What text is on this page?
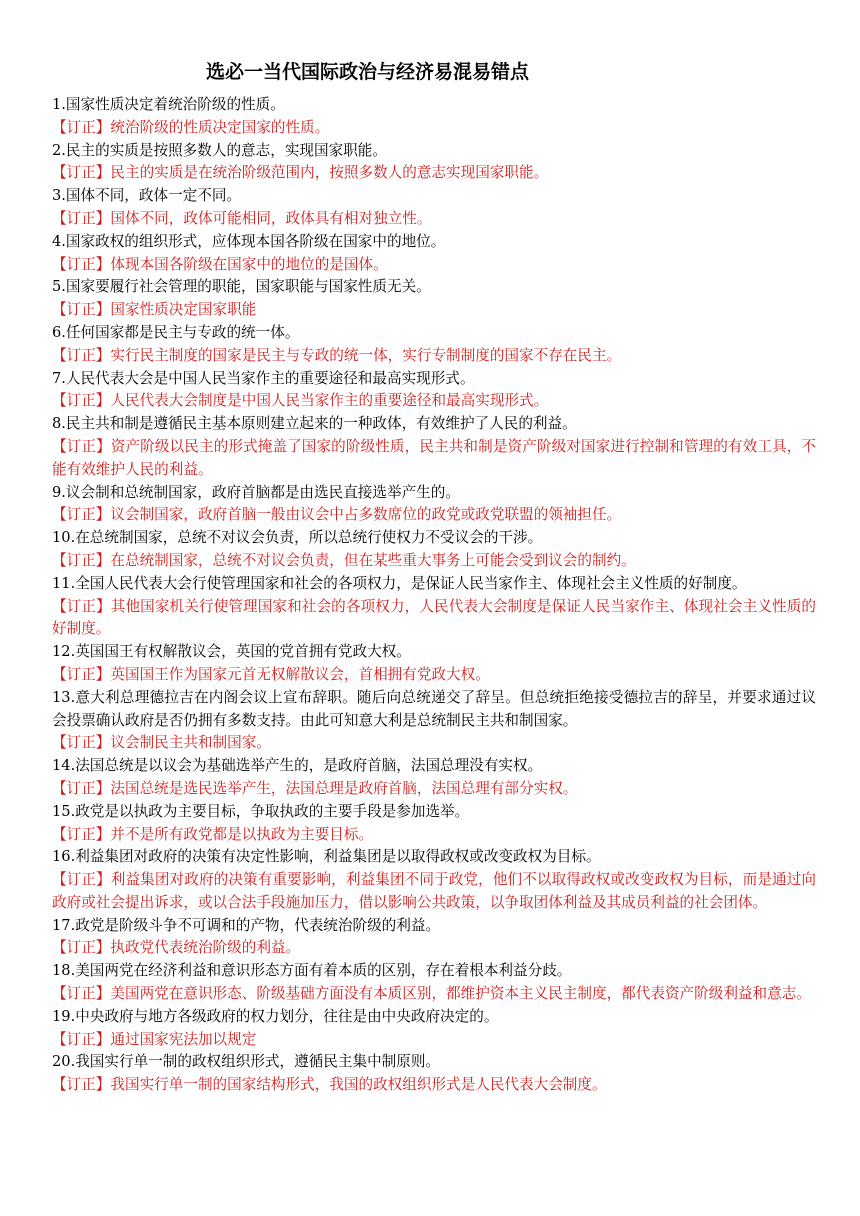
选必一当代国际政治与经济易混易错点

1.国家性质决定着统治阶级的性质。

【订正】统治阶级的性质决定国家的性质。

2.民主的实质是按照多数人的意志，实现国家职能。

【订正】民主的实质是在统治阶级范围内，按照多数人的意志实现国家职能。

3.国体不同，政体一定不同。

【订正】国体不同，政体可能相同，政体具有相对独立性。

4.国家政权的组织形式，应体现本国各阶级在国家中的地位。

【订正】体现本国各阶级在国家中的地位的是国体。

5.国家要履行社会管理的职能，国家职能与国家性质无关。

【订正】国家性质决定国家职能

6.任何国家都是民主与专政的统一体。

【订正】实行民主制度的国家是民主与专政的统一体，实行专制制度的国家不存在民主。

7.人民代表大会是中国人民当家作主的重要途径和最高实现形式。

【订正】人民代表大会制度是中国人民当家作主的重要途径和最高实现形式。

8.民主共和制是遵循民主基本原则建立起来的一种政体，有效维护了人民的利益。

【订正】资产阶级以民主的形式掩盖了国家的阶级性质，民主共和制是资产阶级对国家进行控制和管理的有效工具，不能有效维护人民的利益。

9.议会制和总统制国家，政府首脑都是由选民直接选举产生的。

【订正】议会制国家，政府首脑一般由议会中占多数席位的政党或政党联盟的领袖担任。

10.在总统制国家，总统不对议会负责，所以总统行使权力不受议会的干涉。

【订正】在总统制国家，总统不对议会负责，但在某些重大事务上可能会受到议会的制约。

11.全国人民代表大会行使管理国家和社会的各项权力，是保证人民当家作主、体现社会主义性质的好制度。

【订正】其他国家机关行使管理国家和社会的各项权力，人民代表大会制度是保证人民当家作主、体现社会主义性质的好制度。

12.英国国王有权解散议会，英国的党首拥有党政大权。

【订正】英国国王作为国家元首无权解散议会，首相拥有党政大权。

13.意大利总理德拉吉在内阁会议上宣布辞职。随后向总统递交了辞呈。但总统拒绝接受德拉吉的辞呈，并要求通过议会投票确认政府是否仍拥有多数支持。由此可知意大利是总统制民主共和制国家。

【订正】议会制民主共和制国家。

14.法国总统是以议会为基础选举产生的，是政府首脑，法国总理没有实权。

【订正】法国总统是选民选举产生，法国总理是政府首脑，法国总理有部分实权。

15.政党是以执政为主要目标，争取执政的主要手段是参加选举。

【订正】并不是所有政党都是以执政为主要目标。

16.利益集团对政府的决策有决定性影响，利益集团是以取得政权或改变政权为目标。

【订正】利益集团对政府的决策有重要影响，利益集团不同于政党，他们不以取得政权或改变政权为目标，而是通过向政府或社会提出诉求，或以合法手段施加压力，借以影响公共政策，以争取团体利益及其成员利益的社会团体。

17.政党是阶级斗争不可调和的产物，代表统治阶级的利益。

【订正】执政党代表统治阶级的利益。

18.美国两党在经济利益和意识形态方面有着本质的区别，存在着根本利益分歧。

【订正】美国两党在意识形态、阶级基础方面没有本质区别，都维护资本主义民主制度，都代表资产阶级利益和意志。

19.中央政府与地方各级政府的权力划分，往往是由中央政府决定的。

【订正】通过国家宪法加以规定

20.我国实行单一制的政权组织形式，遵循民主集中制原则。

【订正】我国实行单一制的国家结构形式，我国的政权组织形式是人民代表大会制度。
